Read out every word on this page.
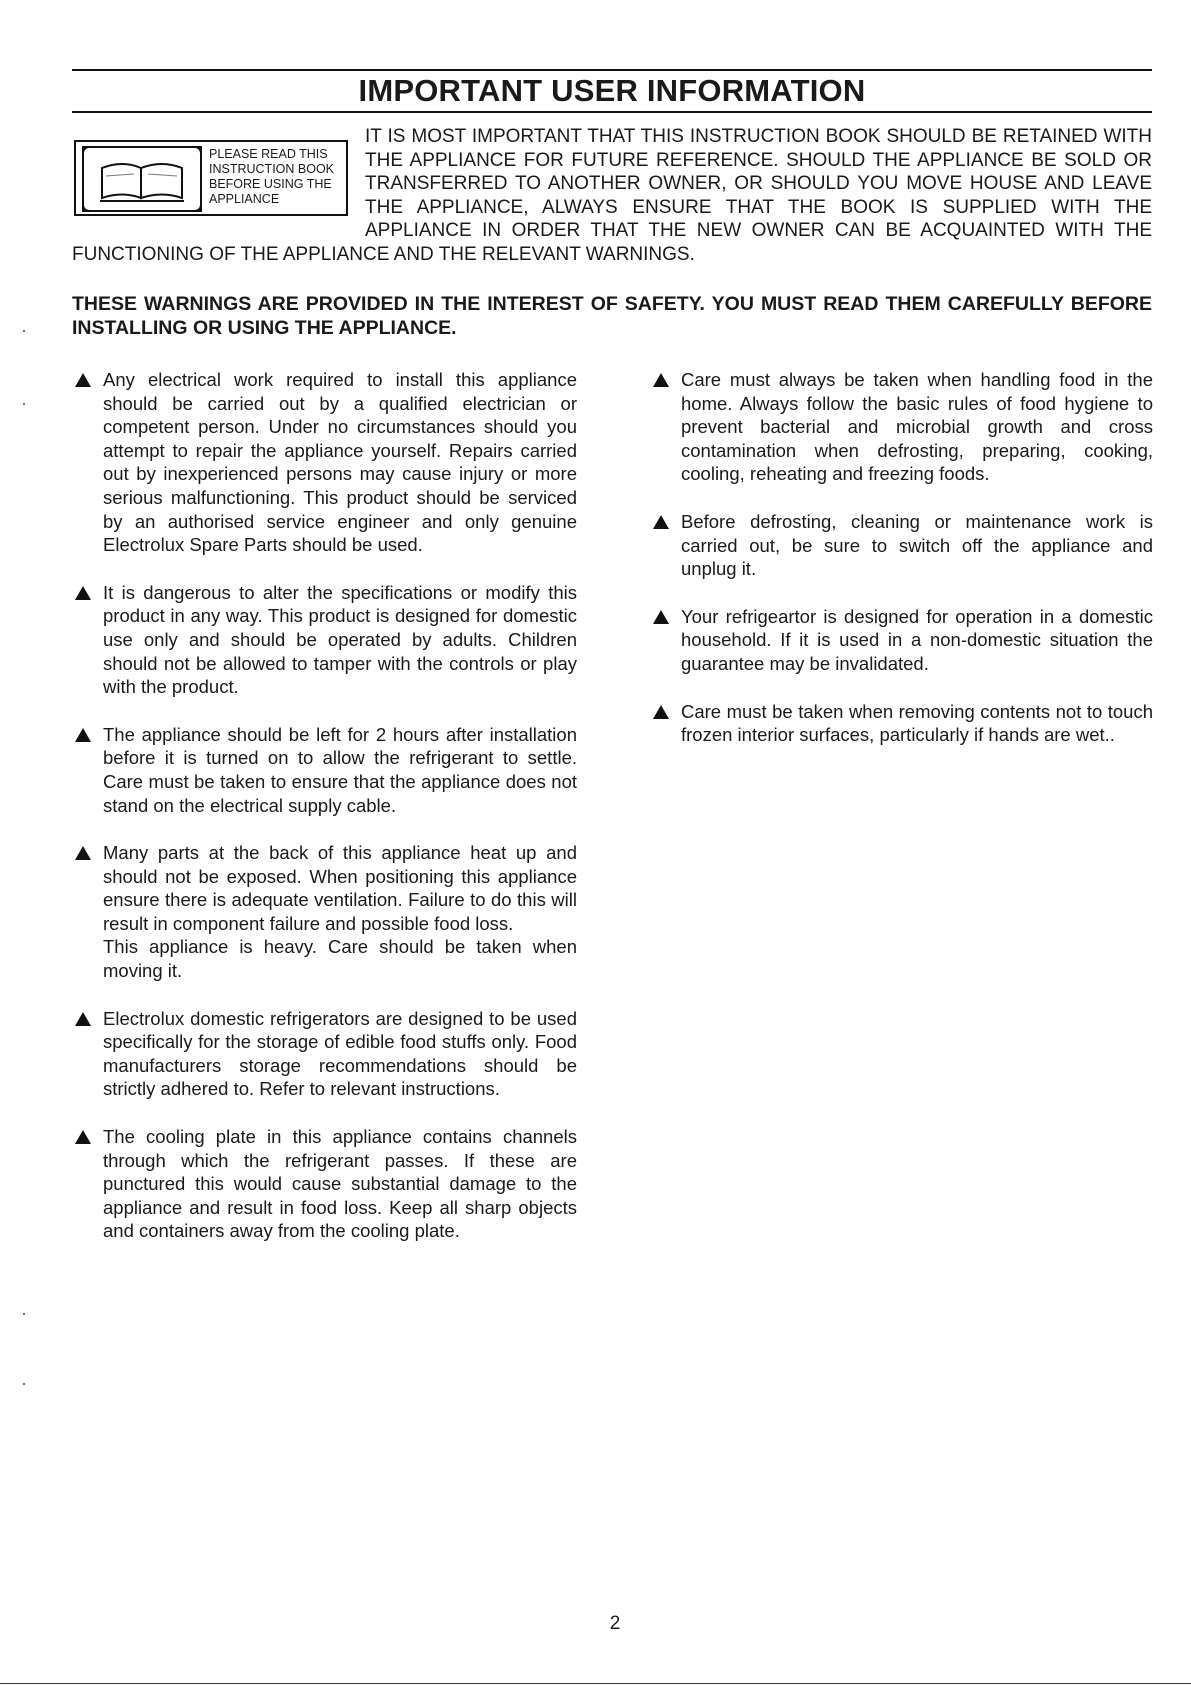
IMPORTANT USER INFORMATION

IT IS MOST IMPORTANT THAT THIS INSTRUCTION BOOK SHOULD BE RETAINED WITH THE APPLIANCE FOR FUTURE REFERENCE. SHOULD THE APPLIANCE BE SOLD OR TRANSFERRED TO ANOTHER OWNER, OR SHOULD YOU MOVE HOUSE AND LEAVE THE APPLIANCE, ALWAYS ENSURE THAT THE BOOK IS SUPPLIED WITH THE APPLIANCE IN ORDER THAT THE NEW OWNER CAN BE ACQUAINTED WITH THE FUNCTIONING OF THE APPLIANCE AND THE RELEVANT WARNINGS.

PLEASE READ THIS INSTRUCTION BOOK BEFORE USING THE APPLIANCE

THESE WARNINGS ARE PROVIDED IN THE INTEREST OF SAFETY. YOU MUST READ THEM CAREFULLY BEFORE INSTALLING OR USING THE APPLIANCE.

Any electrical work required to install this appliance should be carried out by a qualified electrician or competent person. Under no circumstances should you attempt to repair the appliance yourself. Repairs carried out by inexperienced persons may cause injury or more serious malfunctioning. This product should be serviced by an authorised service engineer and only genuine Electrolux Spare Parts should be used.

It is dangerous to alter the specifications or modify this product in any way. This product is designed for domestic use only and should be operated by adults. Children should not be allowed to tamper with the controls or play with the product.

The appliance should be left for 2 hours after installation before it is turned on to allow the refrigerant to settle. Care must be taken to ensure that the appliance does not stand on the electrical supply cable.

Many parts at the back of this appliance heat up and should not be exposed. When positioning this appliance ensure there is adequate ventilation. Failure to do this will result in component failure and possible food loss.

This appliance is heavy. Care should be taken when moving it.

Electrolux domestic refrigerators are designed to be used specifically for the storage of edible food stuffs only. Food manufacturers storage recommendations should be strictly adhered to. Refer to relevant instructions.

The cooling plate in this appliance contains channels through which the refrigerant passes. If these are punctured this would cause substantial damage to the appliance and result in food loss. Keep all sharp objects and containers away from the cooling plate.

Care must always be taken when handling food in the home. Always follow the basic rules of food hygiene to prevent bacterial and microbial growth and cross contamination when defrosting, preparing, cooking, cooling, reheating and freezing foods.

Before defrosting, cleaning or maintenance work is carried out, be sure to switch off the appliance and unplug it.

Your refrigeartor is designed for operation in a domestic household. If it is used in a non-domestic situation the guarantee may be invalidated.

Care must be taken when removing contents not to touch frozen interior surfaces, particularly if hands are wet..

2
